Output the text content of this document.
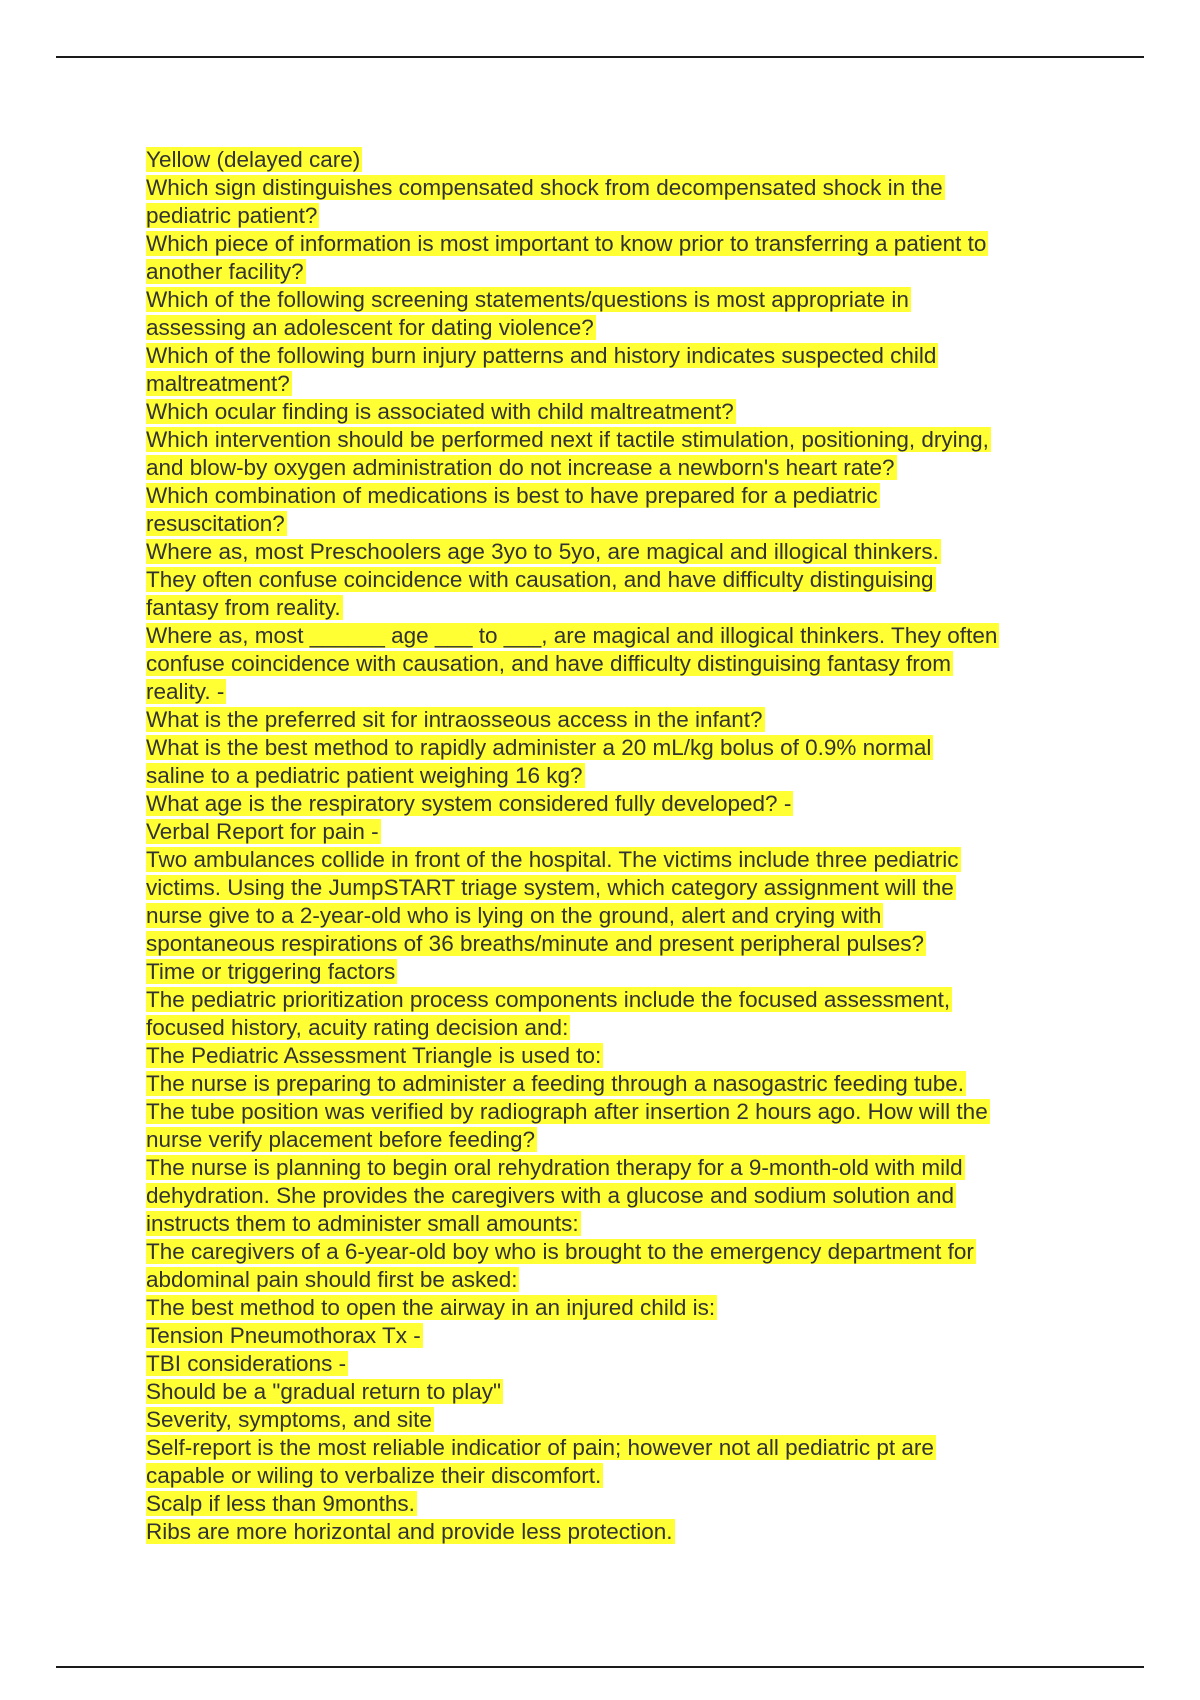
Yellow (delayed care)
Which sign distinguishes compensated shock from decompensated shock in the
pediatric patient?
Which piece of information is most important to know prior to transferring a patient to
another facility?
Which of the following screening statements/questions is most appropriate in
assessing an adolescent for dating violence?
Which of the following burn injury patterns and history indicates suspected child
maltreatment?
Which ocular finding is associated with child maltreatment?
Which intervention should be performed next if tactile stimulation, positioning, drying,
and blow-by oxygen administration do not increase a newborn's heart rate?
Which combination of medications is best to have prepared for a pediatric
resuscitation?
Where as, most Preschoolers age 3yo to 5yo, are magical and illogical thinkers.
They often confuse coincidence with causation, and have difficulty distinguising
fantasy from reality.
Where as, most ______ age ___ to ___, are magical and illogical thinkers. They often
confuse coincidence with causation, and have difficulty distinguising fantasy from
reality. -
What is the preferred sit for intraosseous access in the infant?
What is the best method to rapidly administer a 20 mL/kg bolus of 0.9% normal
saline to a pediatric patient weighing 16 kg?
What age is the respiratory system considered fully developed? -
Verbal Report for pain -
Two ambulances collide in front of the hospital. The victims include three pediatric
victims. Using the JumpSTART triage system, which category assignment will the
nurse give to a 2-year-old who is lying on the ground, alert and crying with
spontaneous respirations of 36 breaths/minute and present peripheral pulses?
Time or triggering factors
The pediatric prioritization process components include the focused assessment,
focused history, acuity rating decision and:
The Pediatric Assessment Triangle is used to:
The nurse is preparing to administer a feeding through a nasogastric feeding tube.
The tube position was verified by radiograph after insertion 2 hours ago. How will the
nurse verify placement before feeding?
The nurse is planning to begin oral rehydration therapy for a 9-month-old with mild
dehydration. She provides the caregivers with a glucose and sodium solution and
instructs them to administer small amounts:
The caregivers of a 6-year-old boy who is brought to the emergency department for
abdominal pain should first be asked:
The best method to open the airway in an injured child is:
Tension Pneumothorax Tx -
TBI considerations -
Should be a "gradual return to play"
Severity, symptoms, and site
Self-report is the most reliable indicatior of pain; however not all pediatric pt are
capable or wiling to verbalize their discomfort.
Scalp if less than 9months.
Ribs are more horizontal and provide less protection.
